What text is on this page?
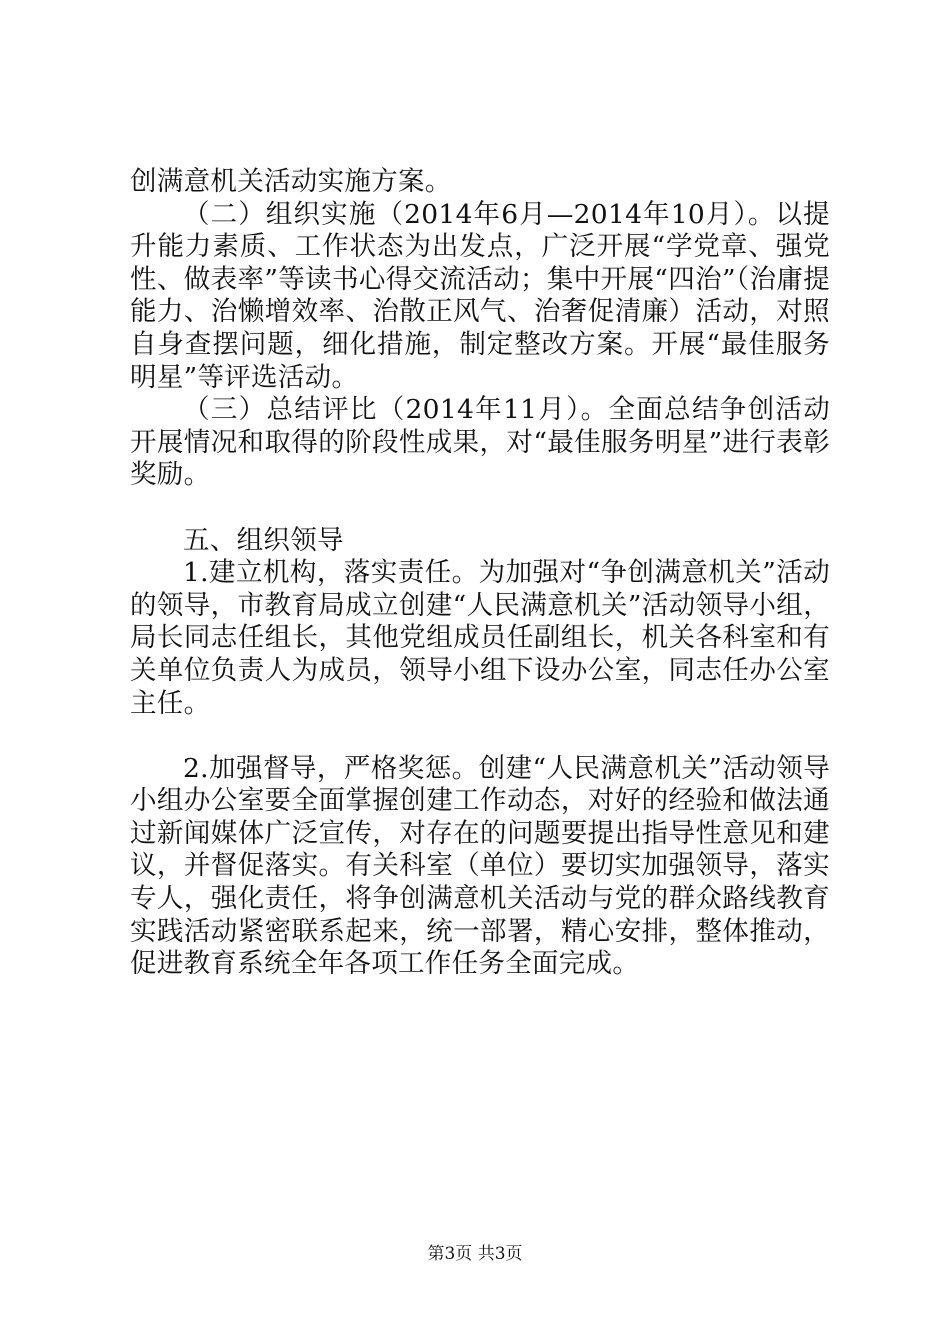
创满意机关活动实施方案。

（二）组织实施（2014年6月—2014年10月）。以提升能力素质、工作状态为出发点，广泛开展“学党章、强党性、做表率”等读书心得交流活动；集中开展“四治”（治庸提能力、治懒增效率、治散正风气、治奢促清廉）活动，对照自身查摆问题，细化措施，制定整改方案。开展“最佳服务明星”等评选活动。

（三）总结评比（2014年11月）。全面总结争创活动开展情况和取得的阶段性成果，对“最佳服务明星”进行表彰奖励。

五、组织领导

1.建立机构，落实责任。为加强对“争创满意机关”活动的领导，市教育局成立创建“人民满意机关”活动领导小组，局长同志任组长，其他党组成员任副组长，机关各科室和有关单位负责人为成员，领导小组下设办公室，同志任办公室主任。

2.加强督导，严格奖惩。创建“人民满意机关”活动领导小组办公室要全面掌握创建工作动态，对好的经验和做法通过新闻媒体广泛宣传，对存在的问题要提出指导性意见和建议，并督促落实。有关科室（单位）要切实加强领导，落实专人，强化责任，将争创满意机关活动与党的群众路线教育实践活动紧密联系起来，统一部署，精心安排，整体推动，促进教育系统全年各项工作任务全面完成。

第3页 共3页
